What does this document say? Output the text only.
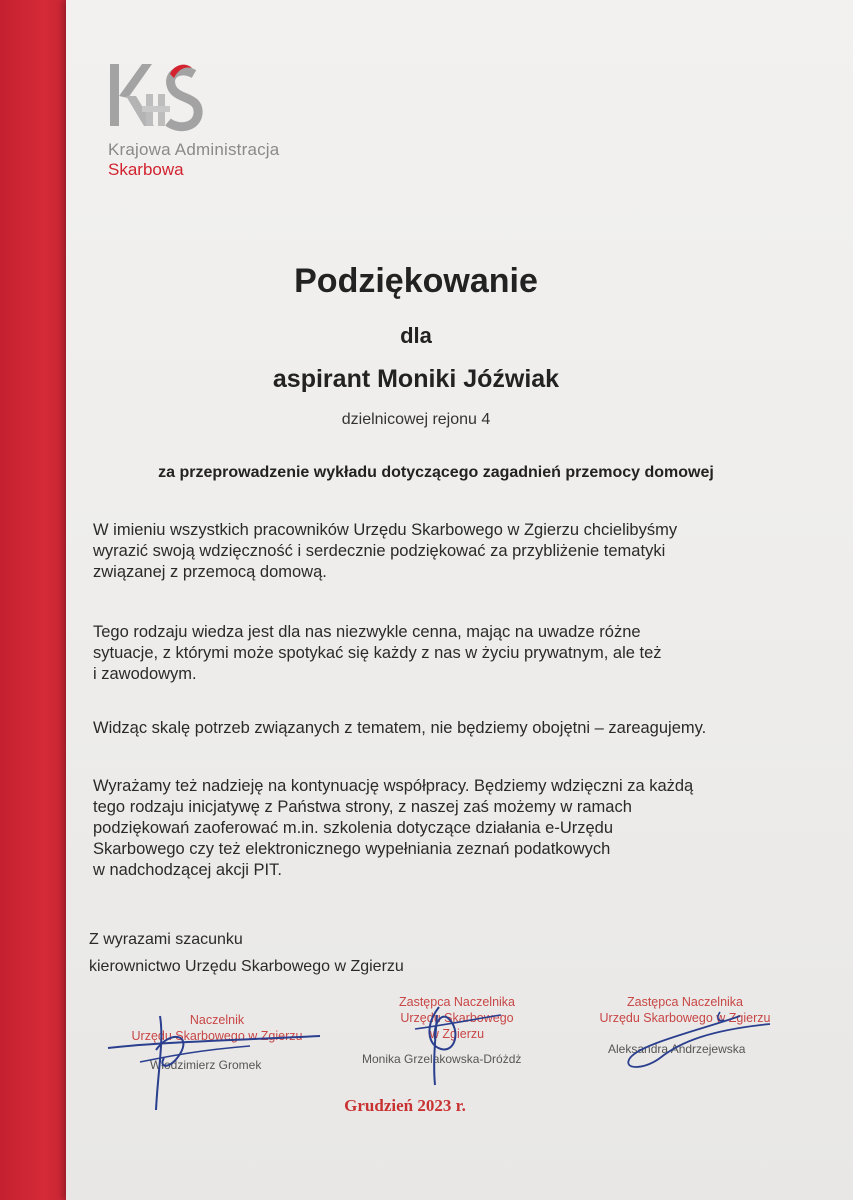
Krajowa Administracja
Skarbowa
Podziękowanie
dla
aspirant Moniki Jóźwiak
dzielnicowej rejonu 4
za przeprowadzenie wykładu dotyczącego zagadnień przemocy domowej

W imieniu wszystkich pracowników Urzędu Skarbowego w Zgierzu chcielibyśmy
wyrazić swoją wdzięczność i serdecznie podziękować za przybliżenie tematyki
związanej z przemocą domową.

Tego rodzaju wiedza jest dla nas niezwykle cenna, mając na uwadze różne
sytuacje, z którymi może spotykać się każdy z nas w życiu prywatnym, ale też
i zawodowym.

Widząc skalę potrzeb związanych z tematem, nie będziemy obojętni – zareagujemy.

Wyrażamy też nadzieję na kontynuację współpracy. Będziemy wdzięczni za każdą
tego rodzaju inicjatywę z Państwa strony, z naszej zaś możemy w ramach
podziękowań zaoferować m.in. szkolenia dotyczące działania e-Urzędu
Skarbowego czy też elektronicznego wypełniania zeznań podatkowych
w nadchodzącej akcji PIT.

Z wyrazami szacunku
kierownictwo Urzędu Skarbowego w Zgierzu
Naczelnik
Urzędu Skarbowego w Zgierzu
Włodzimierz Gromek
Zastępca Naczelnika
Urzędu Skarbowego
w Zgierzu
Monika Grzelakowska-Dróżdż
Zastępca Naczelnika
Urzędu Skarbowego w Zgierzu
Aleksandra Andrzejewska
Grudzień 2023 r.
